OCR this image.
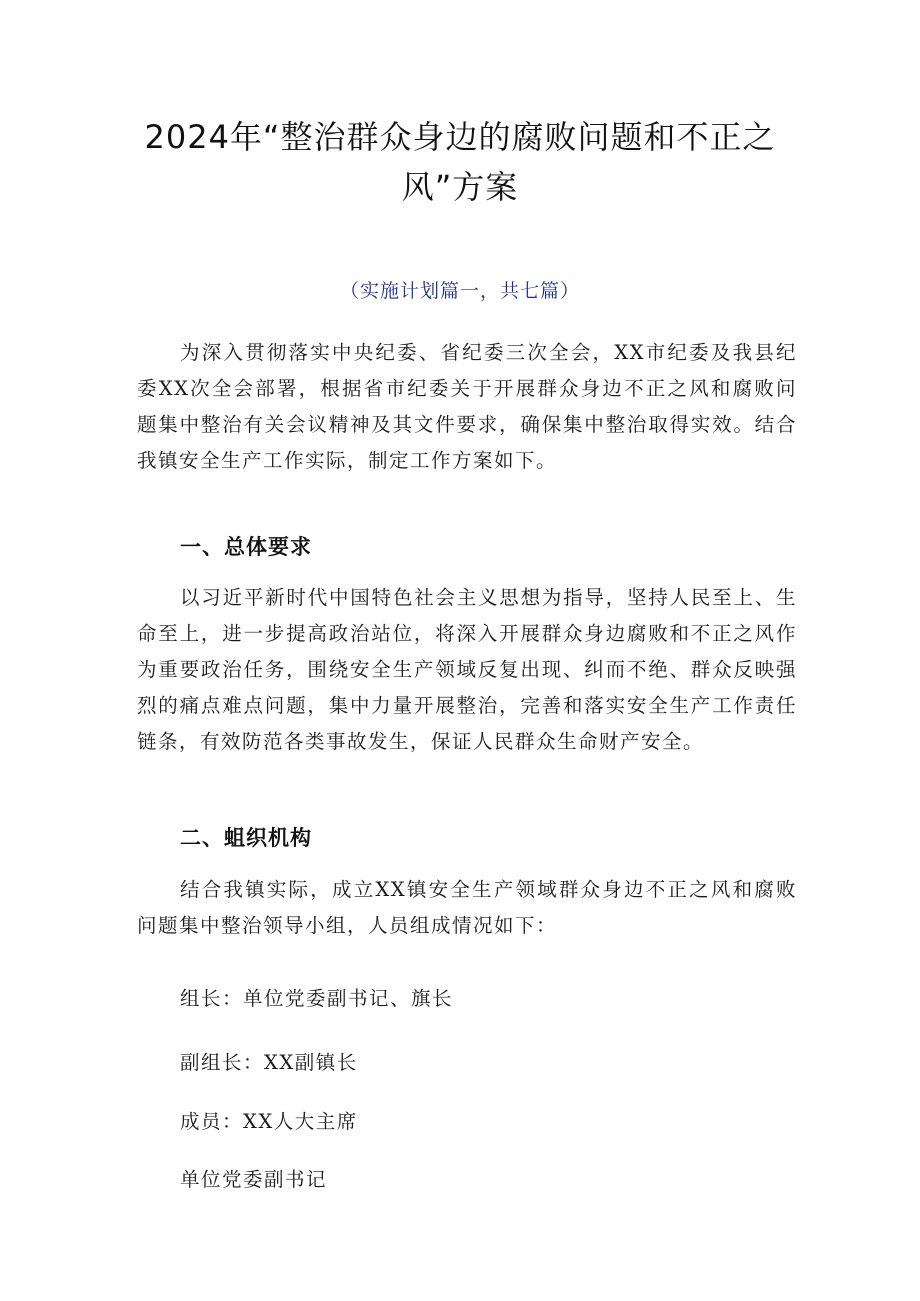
2024年“整治群众身边的腐败问题和不正之风”方案
（实施计划篇一，共七篇）

为深入贯彻落实中央纪委、省纪委三次全会，XX市纪委及我县纪委XX次全会部署，根据省市纪委关于开展群众身边不正之风和腐败问题集中整治有关会议精神及其文件要求，确保集中整治取得实效。结合我镇安全生产工作实际，制定工作方案如下。

一、总体要求

以习近平新时代中国特色社会主义思想为指导，坚持人民至上、生命至上，进一步提高政治站位，将深入开展群众身边腐败和不正之风作为重要政治任务，围绕安全生产领域反复出现、纠而不绝、群众反映强烈的痛点难点问题，集中力量开展整治，完善和落实安全生产工作责任链条，有效防范各类事故发生，保证人民群众生命财产安全。

二、蛆织机构

结合我镇实际，成立XX镇安全生产领域群众身边不正之风和腐败问题集中整治领导小组，人员组成情况如下：

组长：单位党委副书记、旗长

副组长：XX副镇长

成员：XX人大主席

单位党委副书记
